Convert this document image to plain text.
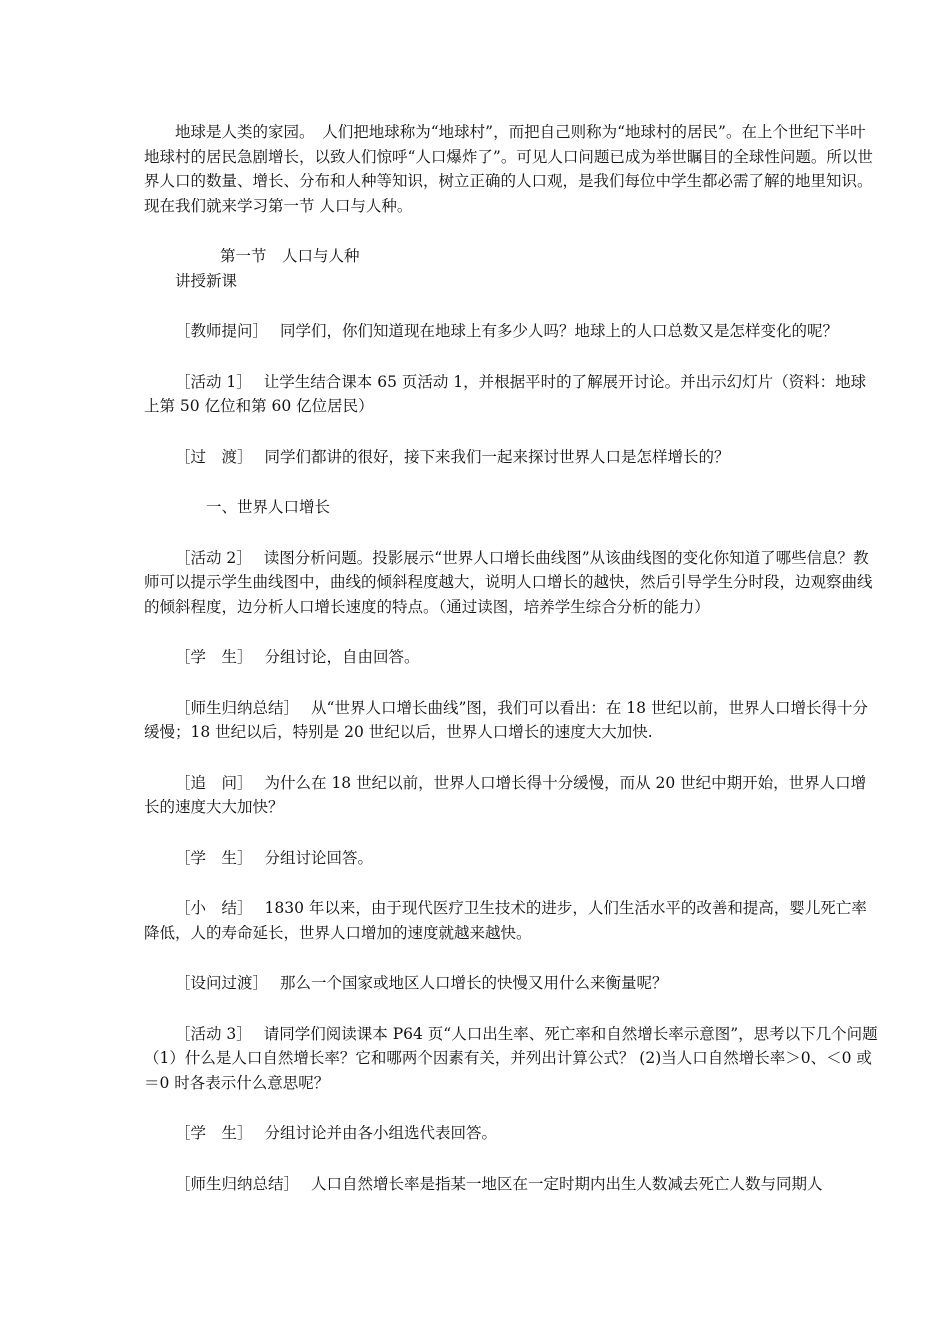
地球是人类的家园。　人们把地球称为“地球村”，而把自己则称为“地球村的居民”。在上个世纪下半叶地球村的居民急剧增长，以致人们惊呼“人口爆炸了”。可见人口问题已成为举世瞩目的全球性问题。所以世界人口的数量、增长、分布和人种等知识，树立正确的人口观，是我们每位中学生都必需了解的地里知识。现在我们就来学习第一节 人口与人种。

第一节　人口与人种

讲授新课

［教师提问］ 同学们，你们知道现在地球上有多少人吗？地球上的人口总数又是怎样变化的呢？

［活动 1］ 让学生结合课本 65 页活动 1，并根据平时的了解展开讨论。并出示幻灯片（资料：地球上第 50 亿位和第 60 亿位居民）

［过　渡］ 同学们都讲的很好，接下来我们一起来探讨世界人口是怎样增长的？

一、世界人口增长

［活动 2］ 读图分析问题。投影展示“世界人口增长曲线图”从该曲线图的变化你知道了哪些信息？教师可以提示学生曲线图中，曲线的倾斜程度越大，说明人口增长的越快，然后引导学生分时段，边观察曲线的倾斜程度，边分析人口增长速度的特点。（通过读图，培养学生综合分析的能力）

［学　生］ 分组讨论，自由回答。

［师生归纳总结］ 从“世界人口增长曲线”图，我们可以看出：在 18 世纪以前，世界人口增长得十分缓慢；18 世纪以后，特别是 20 世纪以后，世界人口增长的速度大大加快.

［追　问］ 为什么在 18 世纪以前，世界人口增长得十分缓慢，而从 20 世纪中期开始，世界人口增长的速度大大加快？

［学　生］ 分组讨论回答。

［小　结］ 1830 年以来，由于现代医疗卫生技术的进步，人们生活水平的改善和提高，婴儿死亡率降低，人的寿命延长，世界人口增加的速度就越来越快。

［设问过渡］ 那么一个国家或地区人口增长的快慢又用什么来衡量呢？

［活动 3］ 请同学们阅读课本 P64 页“人口出生率、死亡率和自然增长率示意图”，思考以下几个问题（1）什么是人口自然增长率？它和哪两个因素有关，并列出计算公式？ (2)当人口自然增长率＞0、＜0 或＝0 时各表示什么意思呢？

［学　生］ 分组讨论并由各小组选代表回答。

［师生归纳总结］ 人口自然增长率是指某一地区在一定时期内出生人数减去死亡人数与同期人
